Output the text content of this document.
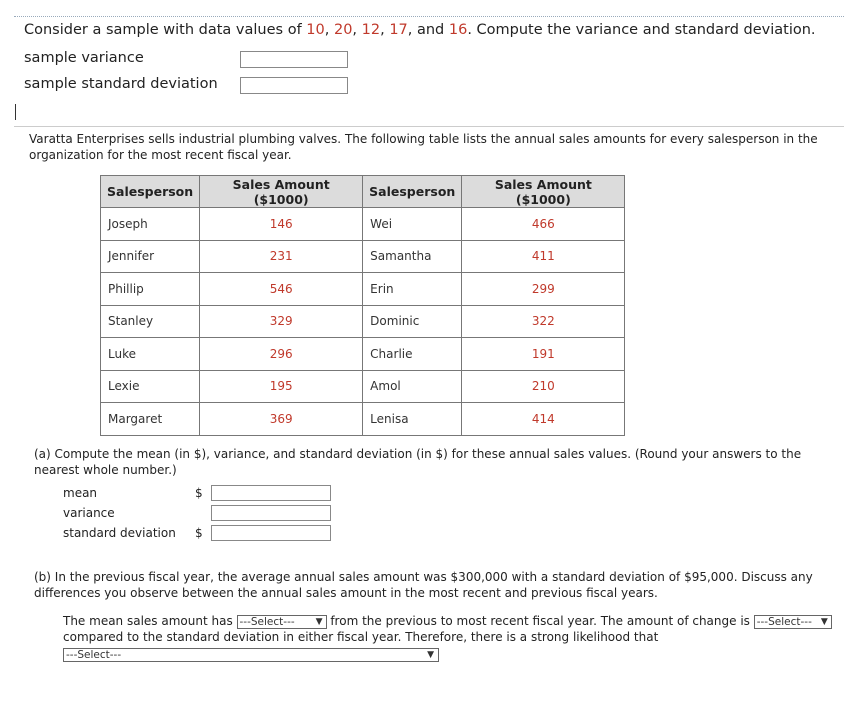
Consider a sample with data values of 10, 20, 12, 17, and 16. Compute the variance and standard deviation.
sample variance
sample standard deviation
Varatta Enterprises sells industrial plumbing valves. The following table lists the annual sales amounts for every salesperson in the organization for the most recent fiscal year.
Salesperson	Sales Amount ($1000)	Salesperson	Sales Amount ($1000)
Joseph	146	Wei	466
Jennifer	231	Samantha	411
Phillip	546	Erin	299
Stanley	329	Dominic	322
Luke	296	Charlie	191
Lexie	195	Amol	210
Margaret	369	Lenisa	414
(a) Compute the mean (in $), variance, and standard deviation (in $) for these annual sales values. (Round your answers to the nearest whole number.)
mean	$
variance
standard deviation $
(b) In the previous fiscal year, the average annual sales amount was $300,000 with a standard deviation of $95,000. Discuss any differences you observe between the annual sales amount in the most recent and previous fiscal years.
The mean sales amount has ---Select--- ▼ from the previous to most recent fiscal year. The amount of change is ---Select--- ▼
compared to the standard deviation in either fiscal year. Therefore, there is a strong likelihood that
---Select---	▼
